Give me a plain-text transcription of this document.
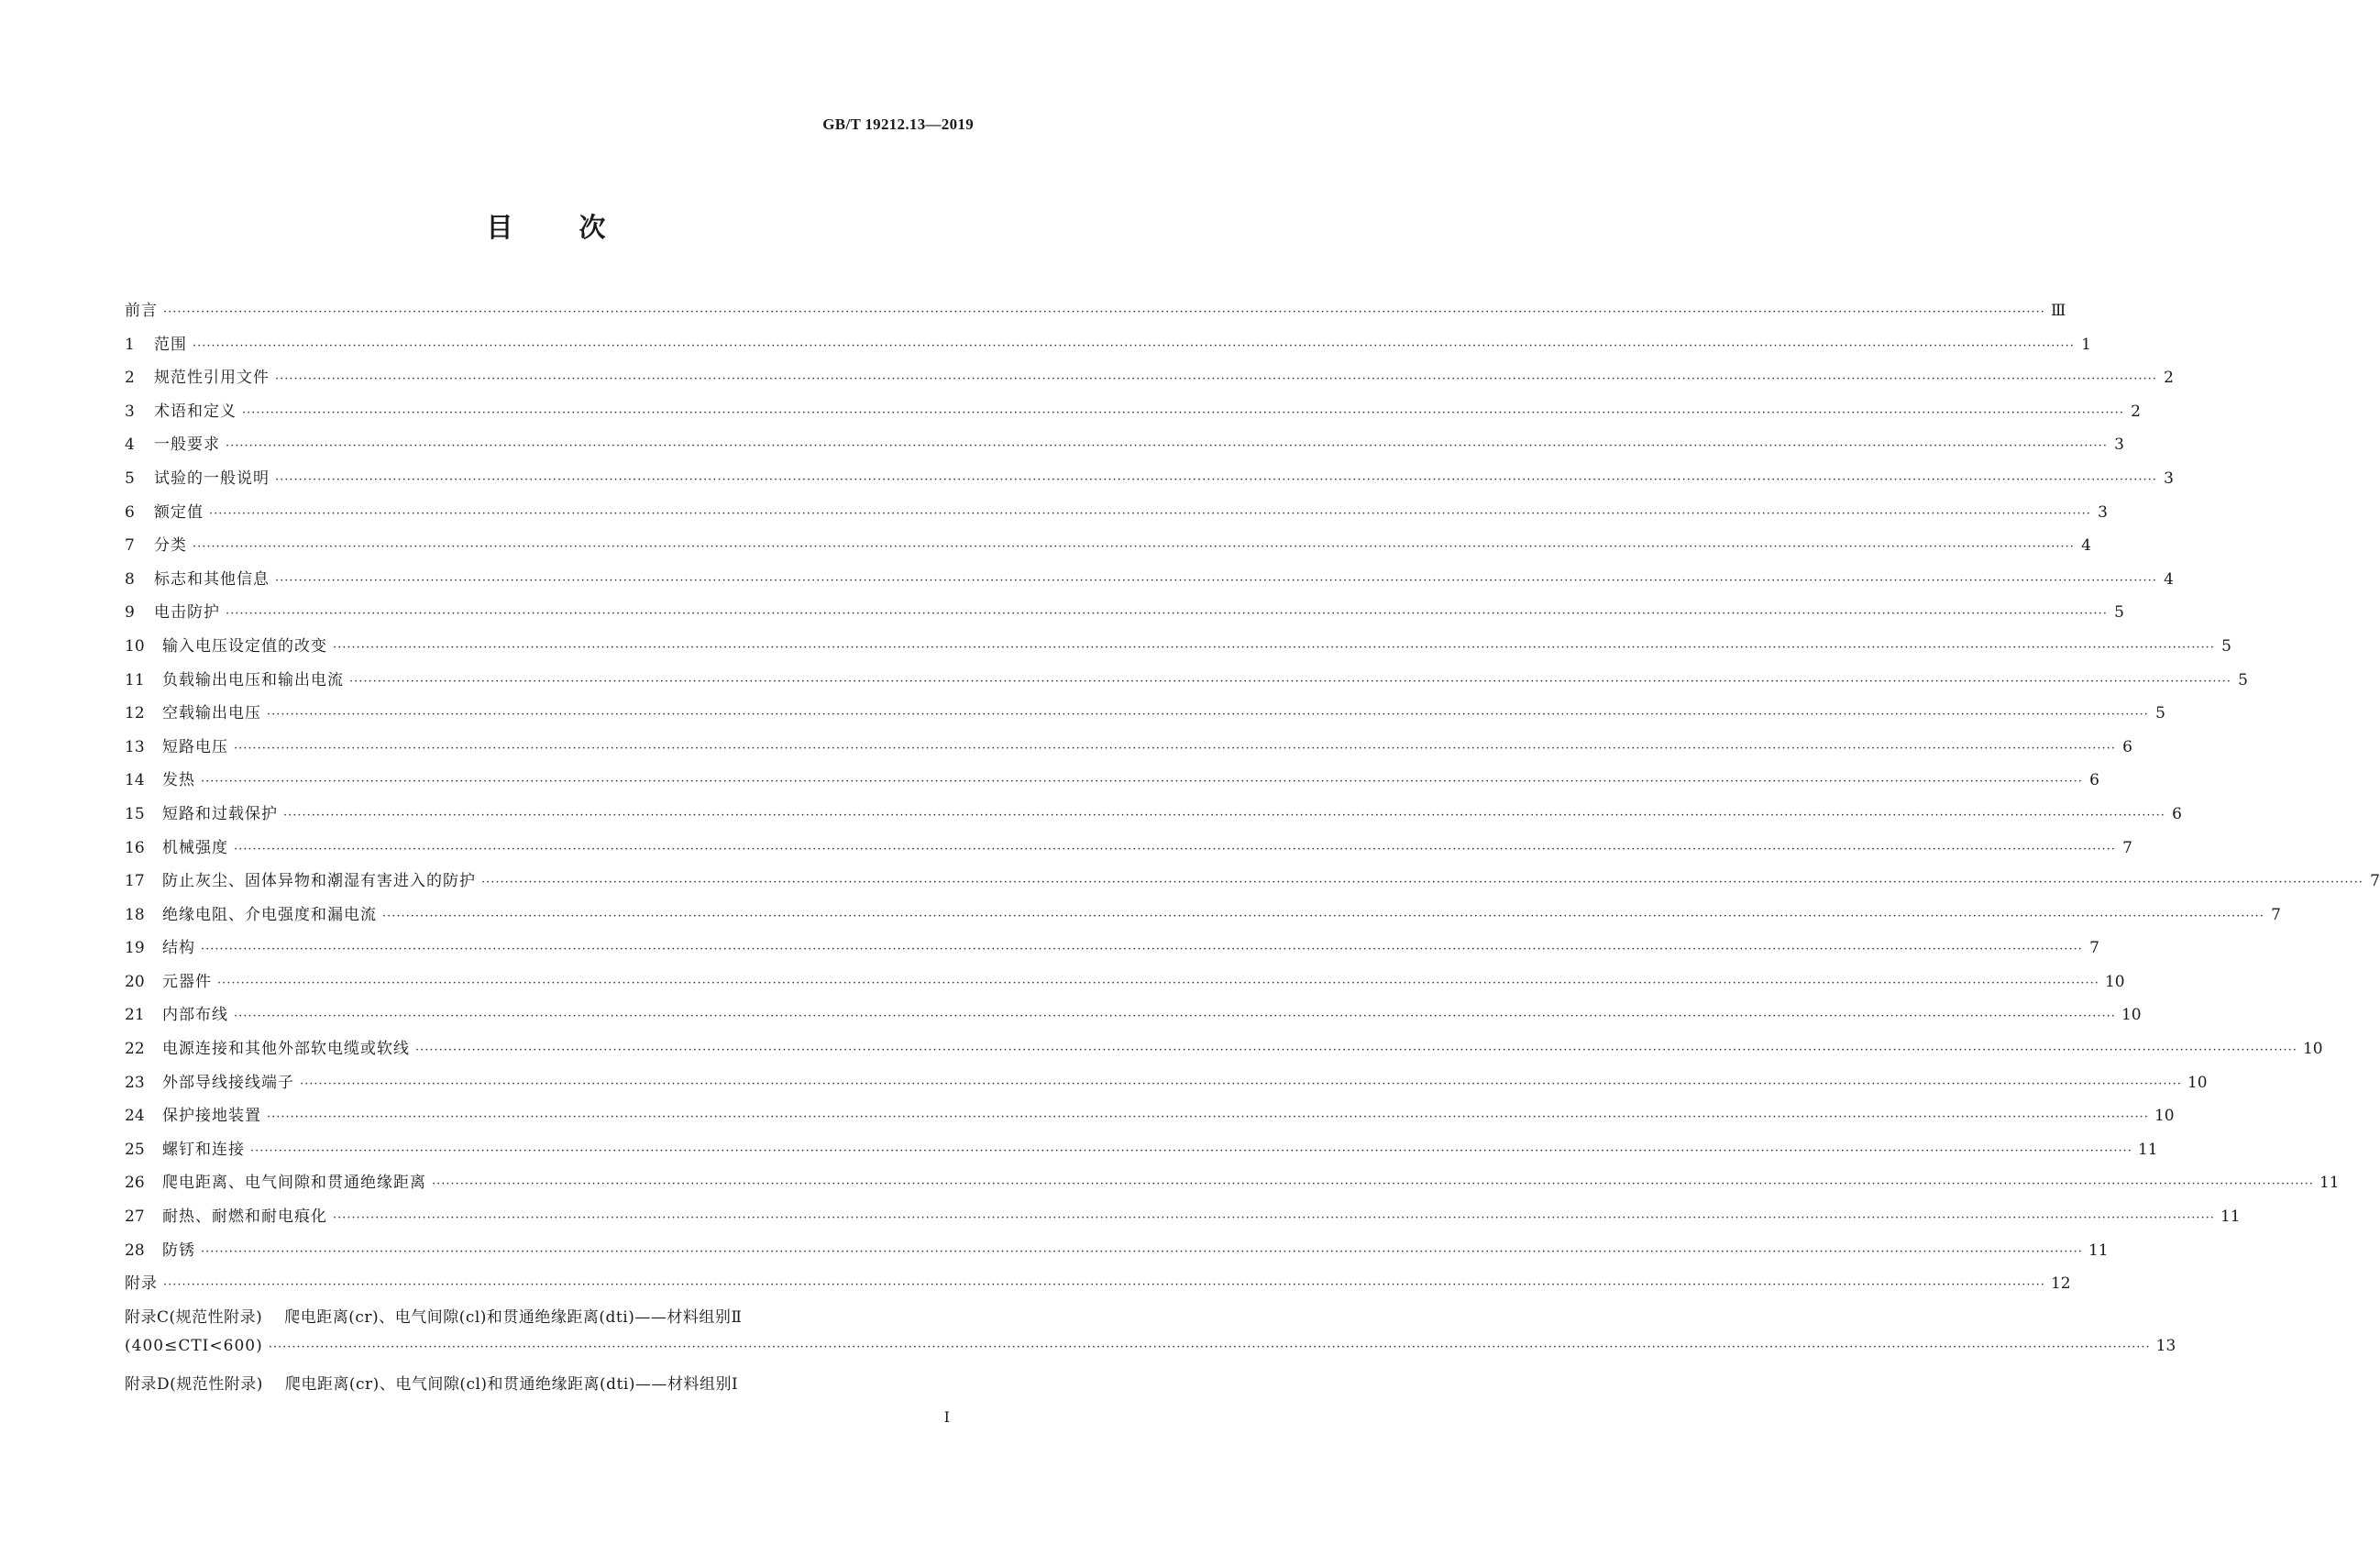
GB/T 19212.13—2019
目次
前言 ················································································································································································································································································································································································································ Ⅲ
1	范围 ················································································································································································································································································································································································································ 1
2	规范性引用文件 ················································································································································································································································································································································································································ 2
3	术语和定义 ················································································································································································································································································································································································································ 2
4	一般要求 ················································································································································································································································································································································································································ 3
5	试验的一般说明 ················································································································································································································································································································································································································ 3
6	额定值 ················································································································································································································································································································································································································ 3
7	分类 ················································································································································································································································································································································································································ 4
8	标志和其他信息 ················································································································································································································································································································································································································ 4
9	电击防护 ················································································································································································································································································································································································································ 5
10	输入电压设定值的改变 ················································································································································································································································································································································································································ 5
11	负载输出电压和输出电流 ················································································································································································································································································································································································································ 5
12	空载输出电压 ················································································································································································································································································································································································································ 5
13	短路电压 ················································································································································································································································································································································································································ 6
14	发热 ················································································································································································································································································································································································································ 6
15	短路和过载保护 ················································································································································································································································································································································································································ 6
16	机械强度 ················································································································································································································································································································································································································ 7
17	防止灰尘、固体异物和潮湿有害进入的防护 ················································································································································································································································································································································································································ 7
18	绝缘电阻、介电强度和漏电流 ················································································································································································································································································································································································································ 7
19	结构 ················································································································································································································································································································································································································ 7
20	元器件 ················································································································································································································································································································································································································ 10
21	内部布线 ················································································································································································································································································································································································································ 10
22	电源连接和其他外部软电缆或软线 ················································································································································································································································································································································································································ 10
23	外部导线接线端子 ················································································································································································································································································································································································································ 10
24	保护接地装置 ················································································································································································································································································································································································································ 10
25	螺钉和连接 ················································································································································································································································································································································································································ 11
26	爬电距离、电气间隙和贯通绝缘距离 ················································································································································································································································································································································································································ 11
27	耐热、耐燃和耐电痕化 ················································································································································································································································································································································································································ 11
28	防锈 ················································································································································································································································································································································································································ 11
附录 ················································································································································································································································································································································································································ 12
附录C(规范性附录) 爬电距离(cr)、电气间隙(cl)和贯通绝缘距离(dti)——材料组别Ⅱ
(400≤CTI<600) ················································································································································································································································································································································································································ 13
附录D(规范性附录) 爬电距离(cr)、电气间隙(cl)和贯通绝缘距离(dti)——材料组别Ⅰ
I
